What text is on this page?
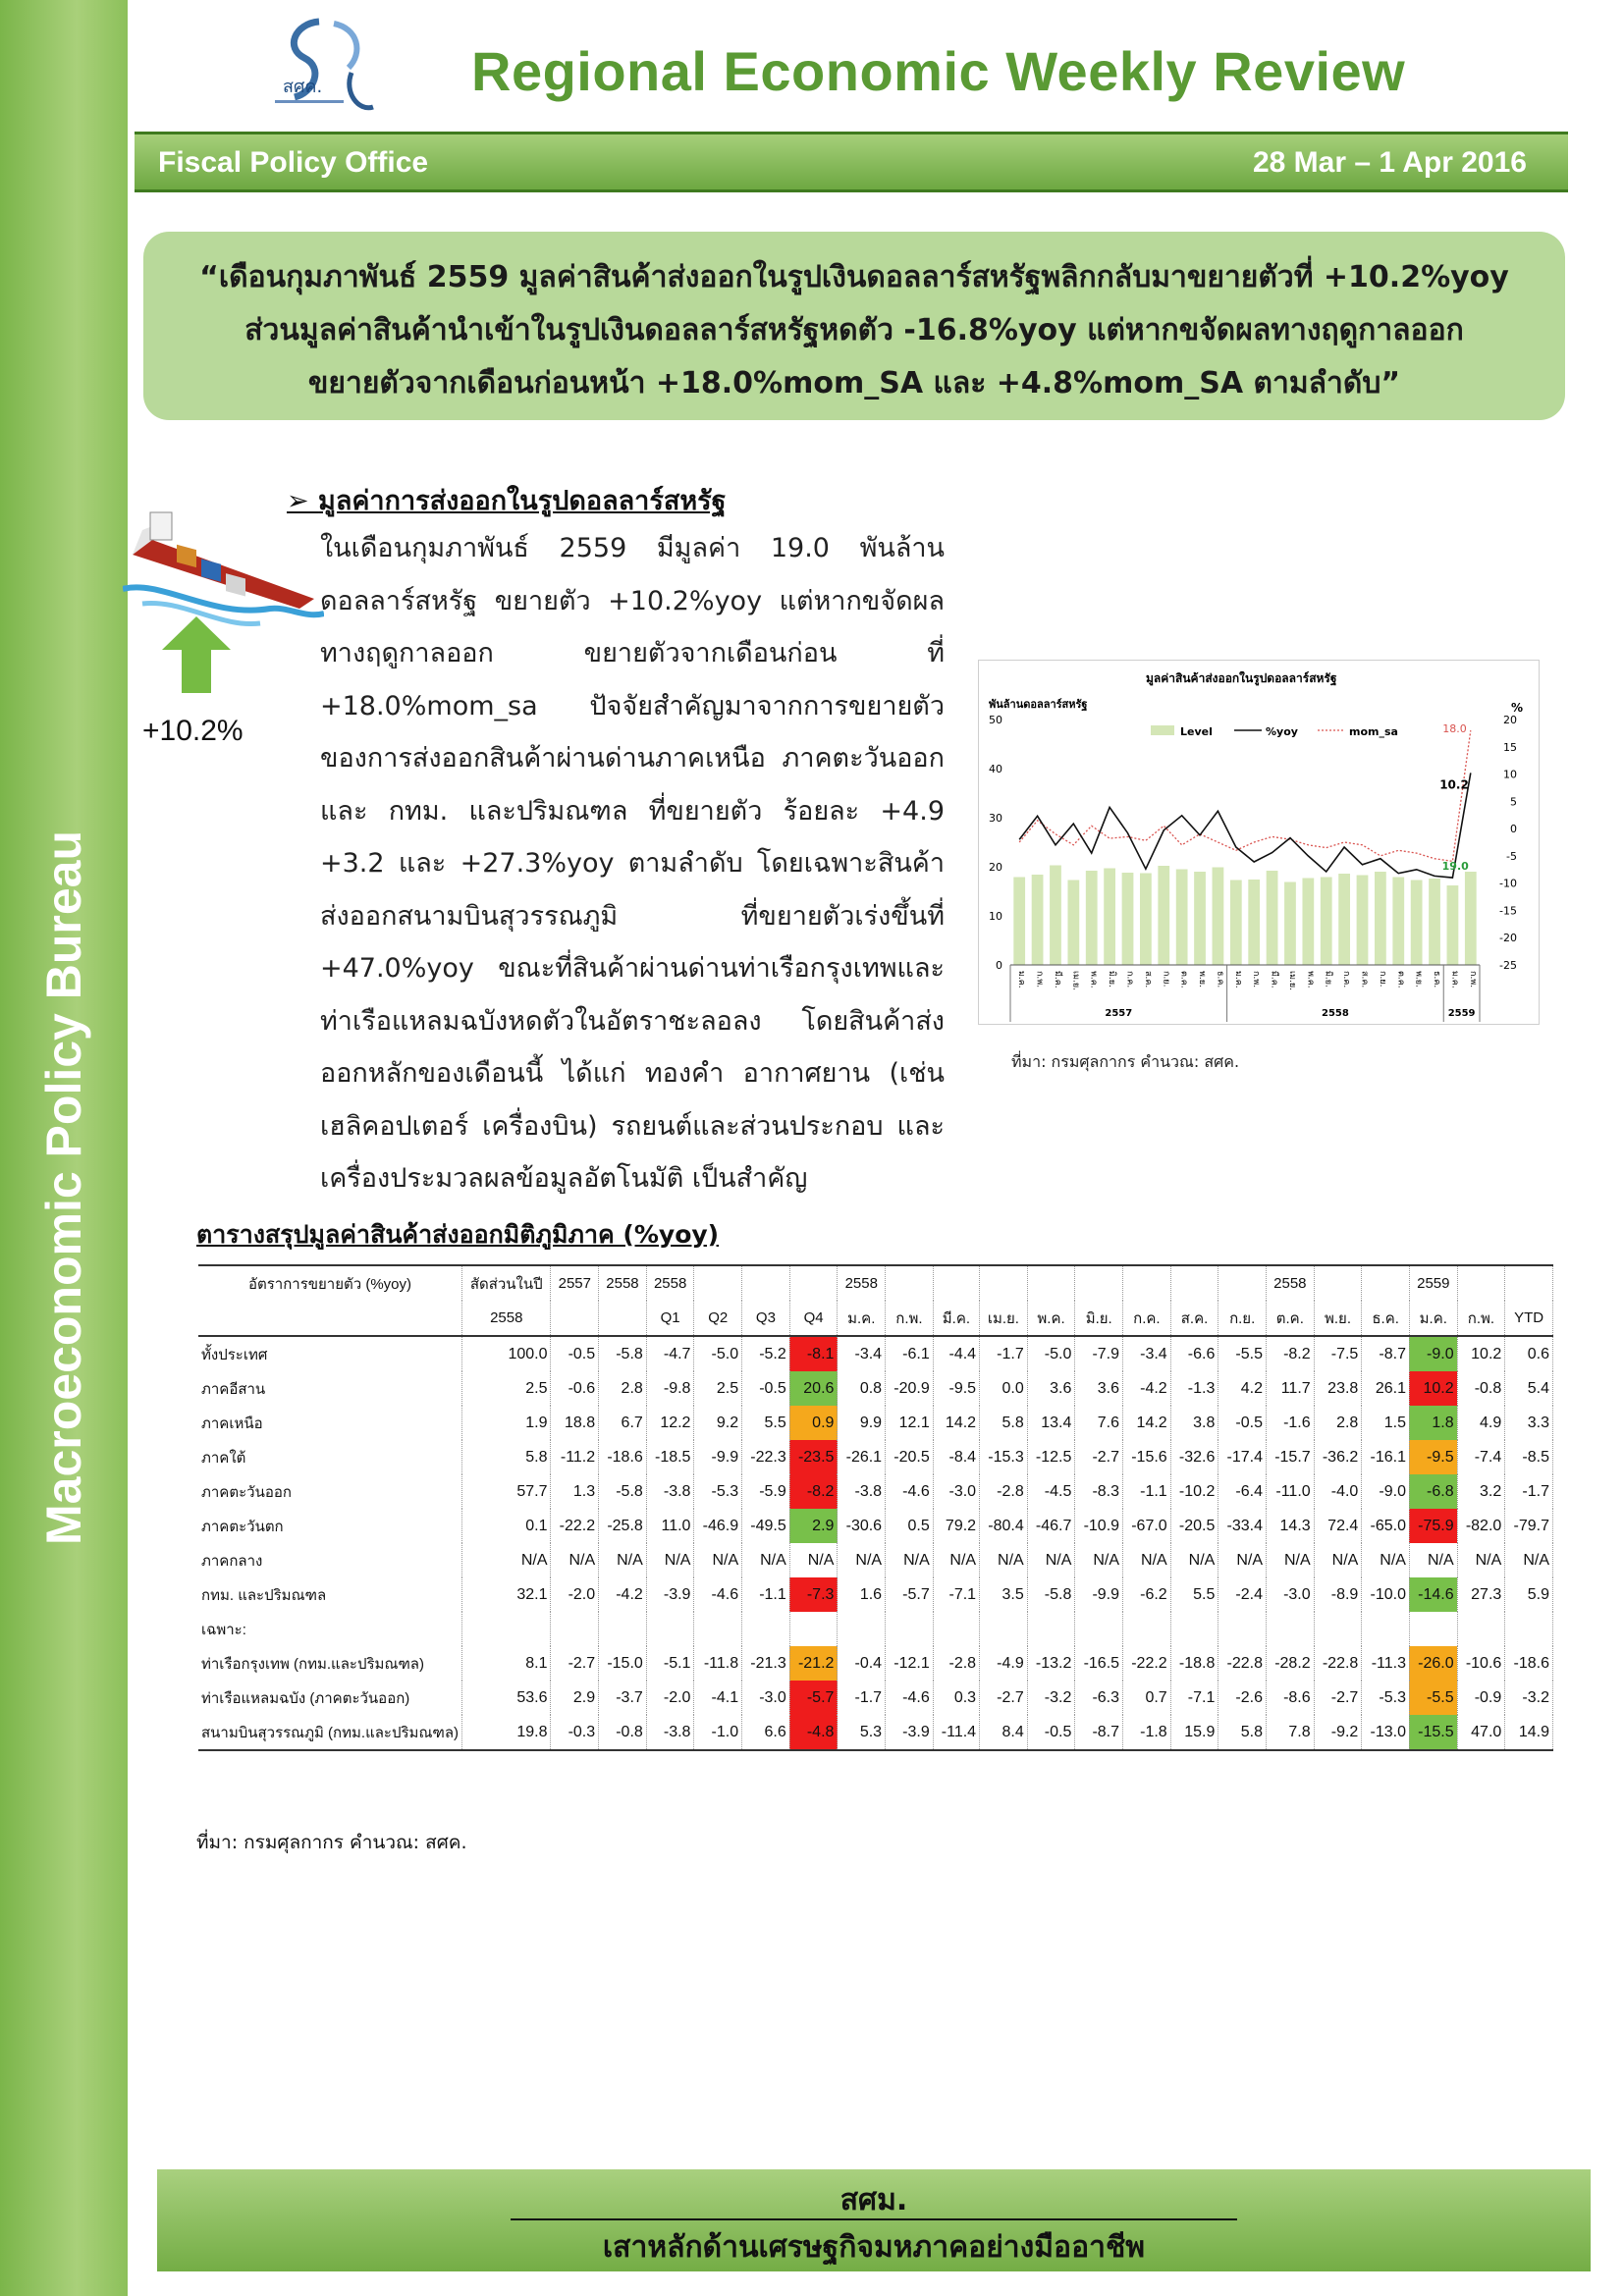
Macroeconomic Policy Bureau
สศค.	Regional Economic Weekly Review
Fiscal Policy Office	28 Mar – 1 Apr 2016
“เดือนกุมภาพันธ์ 2559 มูลค่าสินค้าส่งออกในรูปเงินดอลลาร์สหรัฐพลิกกลับมาขยายตัวที่ +10.2%yoy
ส่วนมูลค่าสินค้านำเข้าในรูปเงินดอลลาร์สหรัฐหดตัว -16.8%yoy แต่หากขจัดผลทางฤดูกาลออก
ขยายตัวจากเดือนก่อนหน้า +18.0%mom_SA และ +4.8%mom_SA ตามลำดับ”
+10.2%
➢ มูลค่าการส่งออกในรูปดอลลาร์สหรัฐ
ในเดือนกุมภาพันธ์ 2559 มีมูลค่า 19.0 พันล้านดอลลาร์สหรัฐ ขยายตัว +10.2%yoy แต่หากขจัดผลทางฤดูกาลออก ขยายตัวจากเดือนก่อน ที่ +18.0%mom_sa ปัจจัยสำคัญมาจากการขยายตัวของการส่งออกสินค้าผ่านด่านภาคเหนือ ภาคตะวันออก และ กทม. และปริมณฑล ที่ขยายตัว ร้อยละ +4.9 +3.2 และ +27.3%yoy ตามลำดับ โดยเฉพาะสินค้าส่งออกสนามบินสุวรรณภูมิ ที่ขยายตัวเร่งขึ้นที่ +47.0%yoy ขณะที่สินค้าผ่านด่านท่าเรือกรุงเทพและท่าเรือแหลมฉบังหดตัวในอัตราชะลอลง โดยสินค้าส่งออกหลักของเดือนนี้ ได้แก่ ทองคำ อากาศยาน (เช่น เฮลิคอปเตอร์ เครื่องบิน) รถยนต์และส่วนประกอบ และเครื่องประมวลผลข้อมูลอัตโนมัติ เป็นสำคัญ
มูลค่าสินค้าส่งออกในรูปดอลลาร์สหรัฐ
พันล้านดอลลาร์สหรัฐ	%
Level	%yoy	mom_sa
0
10
20
30
40
50
-25
-20
-15
-10
-5
0
5
10
15
20
ม.ค. ก.พ. มี.ค. เม.ย. พ.ค. มิ.ย. ก.ค. ส.ค. ก.ย. ต.ค. พ.ย. ธ.ค. ม.ค. ก.พ. มี.ค. เม.ย. พ.ค. มิ.ย. ก.ค. ส.ค. ก.ย. ต.ค. พ.ย. ธ.ค. ม.ค. ก.พ.
2557	2558	2559
18.0
10.2
19.0
ที่มา: กรมศุลกากร คำนวณ: สศค.
ตารางสรุปมูลค่าสินค้าส่งออกมิติภูมิภาค (%yoy)
อัตราการขยายตัว (%yoy)	สัดส่วนในปี	2557	2558	2558				2558									2558			2559		
	2558			Q1	Q2	Q3	Q4	ม.ค.	ก.พ.	มี.ค.	เม.ย.	พ.ค.	มิ.ย.	ก.ค.	ส.ค.	ก.ย.	ต.ค.	พ.ย.	ธ.ค.	ม.ค.	ก.พ.	YTD
ทั้งประเทศ	100.0	-0.5	-5.8	-4.7	-5.0	-5.2	-8.1	-3.4	-6.1	-4.4	-1.7	-5.0	-7.9	-3.4	-6.6	-5.5	-8.2	-7.5	-8.7	-9.0	10.2	0.6
ภาคอีสาน	2.5	-0.6	2.8	-9.8	2.5	-0.5	20.6	0.8	-20.9	-9.5	0.0	3.6	3.6	-4.2	-1.3	4.2	11.7	23.8	26.1	10.2	-0.8	5.4
ภาคเหนือ	1.9	18.8	6.7	12.2	9.2	5.5	0.9	9.9	12.1	14.2	5.8	13.4	7.6	14.2	3.8	-0.5	-1.6	2.8	1.5	1.8	4.9	3.3
ภาคใต้	5.8	-11.2	-18.6	-18.5	-9.9	-22.3	-23.5	-26.1	-20.5	-8.4	-15.3	-12.5	-2.7	-15.6	-32.6	-17.4	-15.7	-36.2	-16.1	-9.5	-7.4	-8.5
ภาคตะวันออก	57.7	1.3	-5.8	-3.8	-5.3	-5.9	-8.2	-3.8	-4.6	-3.0	-2.8	-4.5	-8.3	-1.1	-10.2	-6.4	-11.0	-4.0	-9.0	-6.8	3.2	-1.7
ภาคตะวันตก	0.1	-22.2	-25.8	11.0	-46.9	-49.5	2.9	-30.6	0.5	79.2	-80.4	-46.7	-10.9	-67.0	-20.5	-33.4	14.3	72.4	-65.0	-75.9	-82.0	-79.7
ภาคกลาง	N/A	N/A	N/A	N/A	N/A	N/A	N/A	N/A	N/A	N/A	N/A	N/A	N/A	N/A	N/A	N/A	N/A	N/A	N/A	N/A	N/A	N/A
กทม. และปริมณฑล	32.1	-2.0	-4.2	-3.9	-4.6	-1.1	-7.3	1.6	-5.7	-7.1	3.5	-5.8	-9.9	-6.2	5.5	-2.4	-3.0	-8.9	-10.0	-14.6	27.3	5.9
เฉพาะ:																						
ท่าเรือกรุงเทพ (กทม.และปริมณฑล)	8.1	-2.7	-15.0	-5.1	-11.8	-21.3	-21.2	-0.4	-12.1	-2.8	-4.9	-13.2	-16.5	-22.2	-18.8	-22.8	-28.2	-22.8	-11.3	-26.0	-10.6	-18.6
ท่าเรือแหลมฉบัง (ภาคตะวันออก)	53.6	2.9	-3.7	-2.0	-4.1	-3.0	-5.7	-1.7	-4.6	0.3	-2.7	-3.2	-6.3	0.7	-7.1	-2.6	-8.6	-2.7	-5.3	-5.5	-0.9	-3.2
สนามบินสุวรรณภูมิ (กทม.และปริมณฑล)	19.8	-0.3	-0.8	-3.8	-1.0	6.6	-4.8	5.3	-3.9	-11.4	8.4	-0.5	-8.7	-1.8	15.9	5.8	7.8	-9.2	-13.0	-15.5	47.0	14.9
ที่มา: กรมศุลกากร คำนวณ: สศค.
สศม.
เสาหลักด้านเศรษฐกิจมหภาคอย่างมืออาชีพ
